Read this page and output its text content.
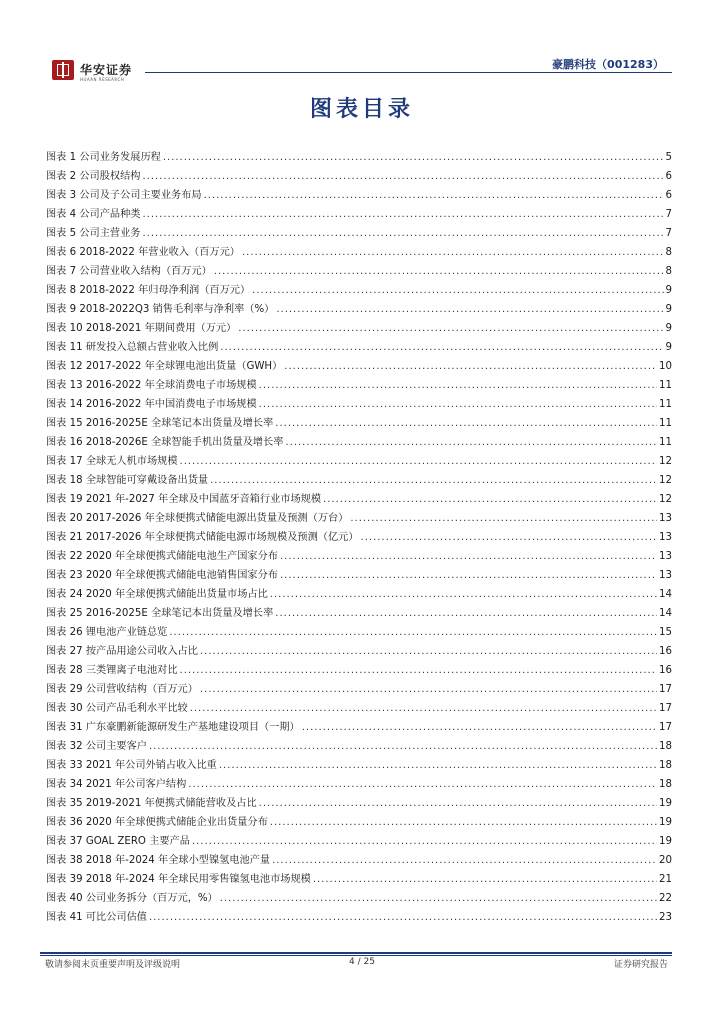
华安证券
HUAAN RESEARCH
豪鹏科技（001283）
图表目录
图表 1 公司业务发展历程 .....	5
图表 2 公司股权结构 .....	6
图表 3 公司及子公司主要业务布局 .....	6
图表 4 公司产品种类 .....	7
图表 5 公司主营业务 .....	7
图表 6 2018-2022 年营业收入（百万元） .....	8
图表 7 公司营业收入结构（百万元） .....	8
图表 8 2018-2022 年归母净利润（百万元） .....	9
图表 9 2018-2022Q3 销售毛利率与净利率（%） .....	9
图表 10 2018-2021 年期间费用（万元） .....	9
图表 11 研发投入总额占营业收入比例 .....	9
图表 12 2017-2022 年全球锂电池出货量（GWH） .....	10
图表 13 2016-2022 年全球消费电子市场规模 .....	11
图表 14 2016-2022 年中国消费电子市场规模 .....	11
图表 15 2016-2025E 全球笔记本出货量及增长率 .....	11
图表 16 2018-2026E 全球智能手机出货量及增长率 .....	11
图表 17 全球无人机市场规模 .....	12
图表 18 全球智能可穿戴设备出货量 .....	12
图表 19 2021 年-2027 年全球及中国蓝牙音箱行业市场规模 .....	12
图表 20 2017-2026 年全球便携式储能电源出货量及预测（万台） .....	13
图表 21 2017-2026 年全球便携式储能电源市场规模及预测（亿元） .....	13
图表 22 2020 年全球便携式储能电池生产国家分布 .....	13
图表 23 2020 年全球便携式储能电池销售国家分布 .....	13
图表 24 2020 年全球便携式储能出货量市场占比 .....	14
图表 25 2016-2025E 全球笔记本出货量及增长率 .....	14
图表 26 锂电池产业链总览 .....	15
图表 27 按产品用途公司收入占比 .....	16
图表 28 三类锂离子电池对比 .....	16
图表 29 公司营收结构（百万元） .....	17
图表 30 公司产品毛利水平比较 .....	17
图表 31 广东豪鹏新能源研发生产基地建设项目（一期） .....	17
图表 32 公司主要客户 .....	18
图表 33 2021 年公司外销占收入比重 .....	18
图表 34 2021 年公司客户结构 .....	18
图表 35 2019-2021 年便携式储能营收及占比 .....	19
图表 36 2020 年全球便携式储能企业出货量分布 .....	19
图表 37 GOAL ZERO 主要产品 .....	19
图表 38 2018 年-2024 年全球小型镍氢电池产量 .....	20
图表 39 2018 年-2024 年全球民用零售镍氢电池市场规模 .....	21
图表 40 公司业务拆分（百万元，%） .....	22
图表 41 可比公司估值 .....	23
敬请参阅末页重要声明及评级说明	4 / 25	证券研究报告
